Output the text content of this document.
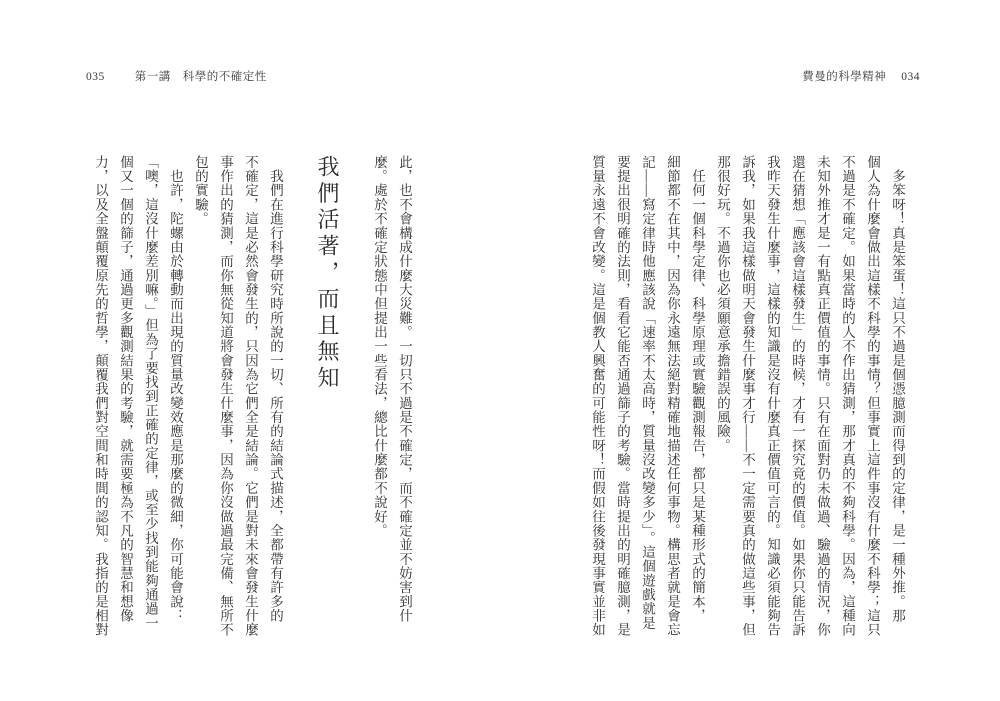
035	第一講 科學的不確定性
此，也不會構成什麼大災難。一切只不過是不確定，而不確定並不妨害到什
麼。處於不確定狀態中但提出一些看法，總比什麼都不說好。
我們活著，而且無知
　我們在進行科學研究時所說的一切、所有的結論式描述，全都帶有許多的
不確定，這是必然會發生的，只因為它們全是結論。它們是對未來會發生什麼
事作出的猜測，而你無從知道將會發生什麼事，因為你沒做過最完備、無所不
包的實驗。
　也許，陀螺由於轉動而出現的質量改變效應是那麼的微細，你可能會說：
「噢，這沒什麼差別嘛。」但為了要找到正確的定律，或至少找到能夠通過一
個又一個的篩子，通過更多觀測結果的考驗，就需要極為不凡的智慧和想像
力，以及全盤顛覆原先的哲學，顛覆我們對空間和時間的認知。我指的是相對
費曼的科學精神 034
　多笨呀！真是笨蛋！這只不過是個憑臆測而得到的定律，是一種外推。那
個人為什麼會做出這樣不科學的事情？但事實上這件事沒有什麼不科學；這只
不過是不確定。如果當時的人不作出猜測，那才真的不夠科學。因為，這種向
未知外推才是一有點真正價值的事情。只有在面對仍未做過、驗過的情況，你
還在猜想「應該會這樣發生」的時候，才有一探究竟的價值。如果你只能告訴
我昨天發生什麼事，這樣的知識是沒有什麼真正價值可言的。知識必須能夠告
訴我，如果我這樣做明天會發生什麼事才行——不一定需要真的做這些事，但
那很好玩。不過你也必須願意承擔錯誤的風險。
　任何一個科學定律、科學原理或實驗觀測報告，都只是某種形式的簡本，
細節都不在其中，因為你永遠無法絕對精確地描述任何事物。構思者就是會忘
記——寫定律時他應該說「速率不太高時，質量沒改變多少」。這個遊戲就是
要提出很明確的法則，看看它能否通過篩子的考驗。當時提出的明確臆測，是
質量永遠不會改變。這是個教人興奮的可能性呀！而假如往後發現事實並非如
